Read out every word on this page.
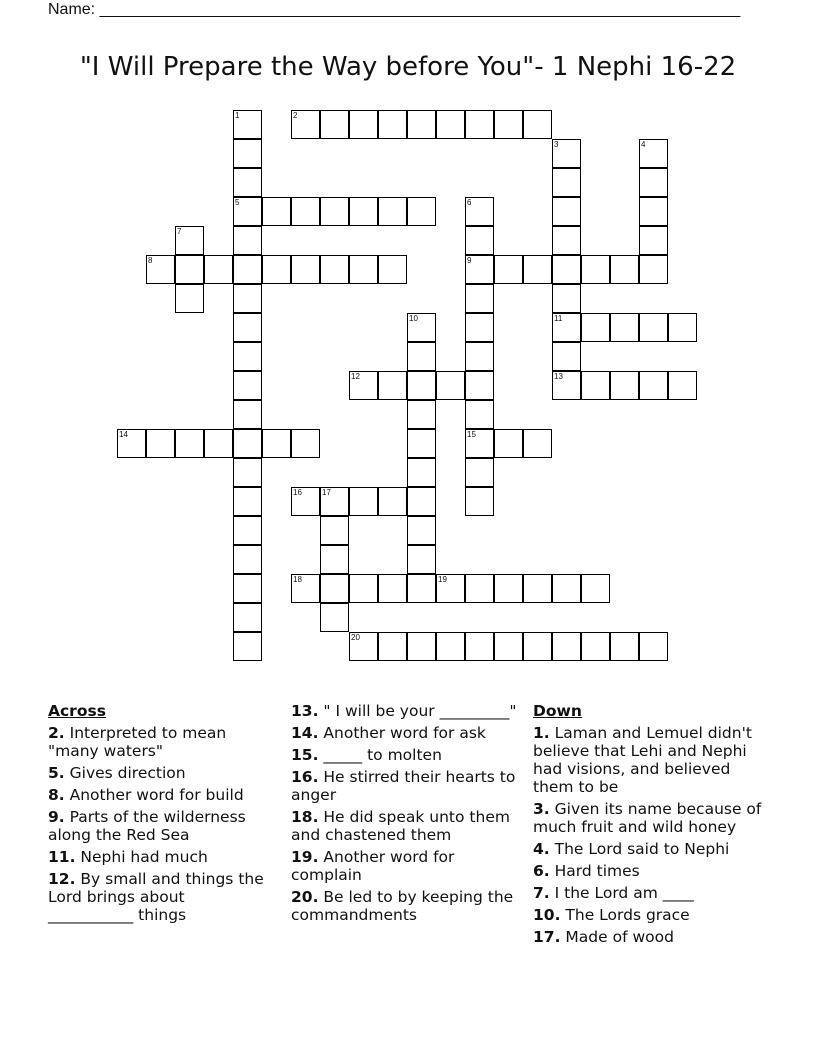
Name: ________________________________________________________________________
"I Will Prepare the Way before You"- 1 Nephi 16-22
1
5
2
3
11
4
6
9
15
7
8
10
12	13
14
16	17
18	19
20
Across
2. Interpreted to mean "many waters"
5. Gives direction
8. Another word for build
9. Parts of the wilderness along the Red Sea
11. Nephi had much
12. By small and things the Lord brings about ___________ things
13. " I will be your _________"
14. Another word for ask
15. _____ to molten
16. He stirred their hearts to anger
18. He did speak unto them and chastened them
19. Another word for complain
20. Be led to by keeping the commandments
Down
1. Laman and Lemuel didn't believe that Lehi and Nephi had visions, and believed them to be
3. Given its name because of much fruit and wild honey
4. The Lord said to Nephi
6. Hard times
7. I the Lord am ____
10. The Lords grace
17. Made of wood
